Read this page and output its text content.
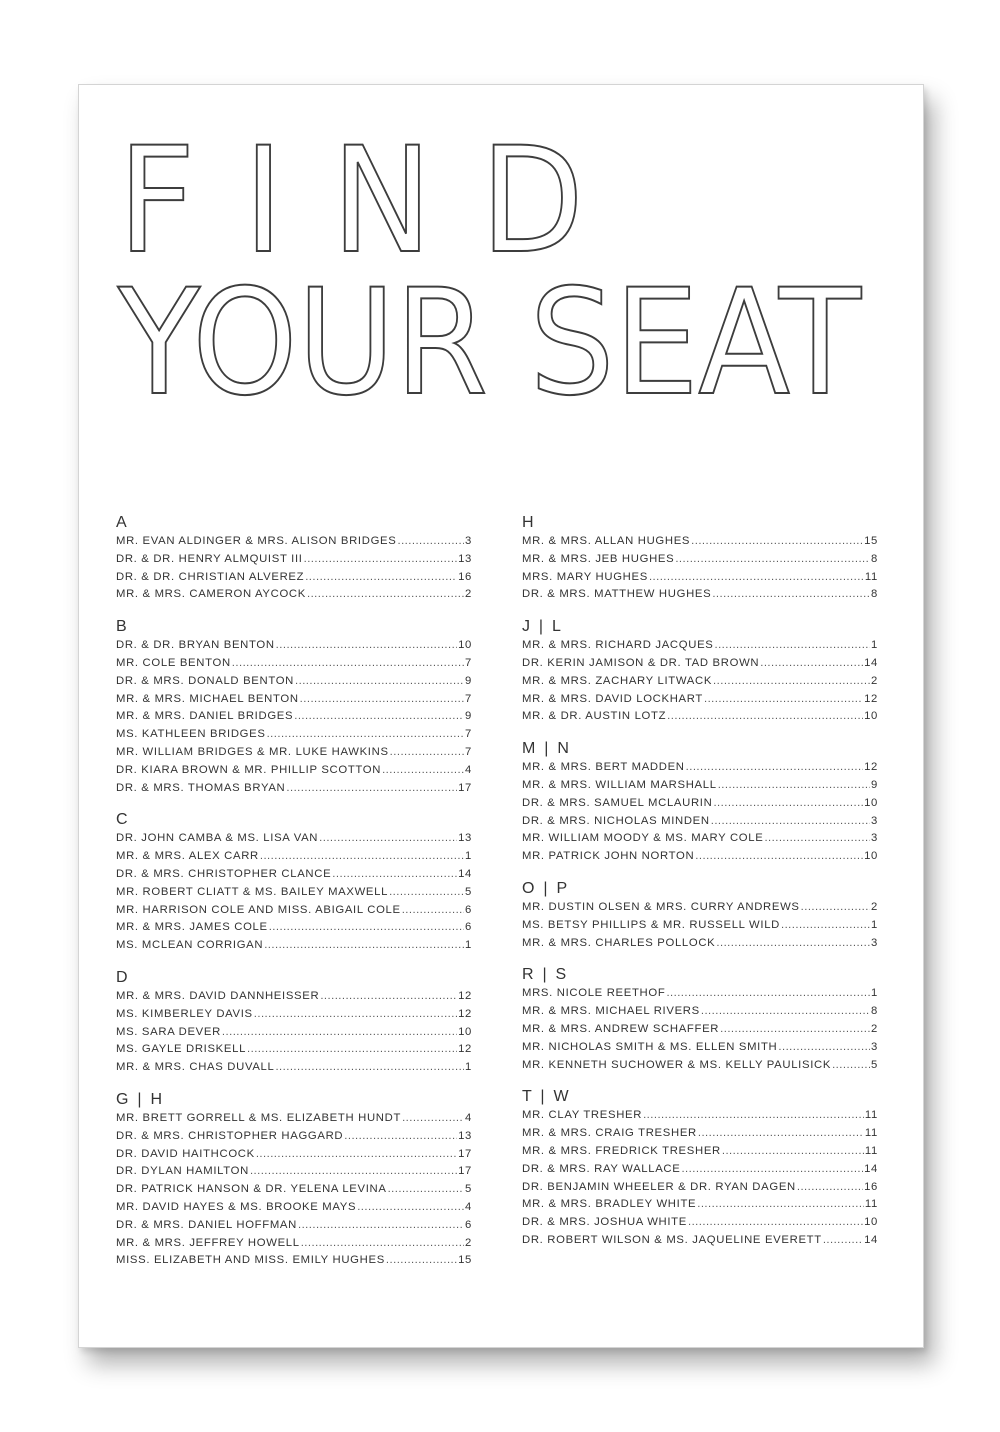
FIND
YOUR SEAT
A
MR. EVAN ALDINGER & MRS. ALISON BRIDGES .....	3
DR. & DR. HENRY ALMQUIST III .....	13
DR. & DR. CHRISTIAN ALVEREZ .....	16
MR. & MRS. CAMERON AYCOCK .....	2
B
DR. & DR. BRYAN BENTON .....	10
MR. COLE BENTON .....	7
DR. & MRS. DONALD BENTON .....	9
MR. & MRS. MICHAEL BENTON .....	7
MR. & MRS. DANIEL BRIDGES .....	9
MS. KATHLEEN BRIDGES .....	7
MR. WILLIAM BRIDGES & MR. LUKE HAWKINS .....	7
DR. KIARA BROWN & MR. PHILLIP SCOTTON .....	4
DR. & MRS. THOMAS BRYAN .....	17
C
DR. JOHN CAMBA & MS. LISA VAN .....	13
MR. & MRS. ALEX CARR .....	1
DR. & MRS. CHRISTOPHER CLANCE .....	14
MR. ROBERT CLIATT & MS. BAILEY MAXWELL .....	5
MR. HARRISON COLE AND MISS. ABIGAIL COLE .....	6
MR. & MRS. JAMES COLE .....	6
MS. MCLEAN CORRIGAN .....	1
D
MR. & MRS. DAVID DANNHEISSER .....	12
MS. KIMBERLEY DAVIS .....	12
MS. SARA DEVER .....	10
MS. GAYLE DRISKELL .....	12
MR. & MRS. CHAS DUVALL .....	1
G | H
MR. BRETT GORRELL & MS. ELIZABETH HUNDT .....	4
DR. & MRS. CHRISTOPHER HAGGARD .....	13
DR. DAVID HAITHCOCK .....	17
DR. DYLAN HAMILTON .....	17
DR. PATRICK HANSON & DR. YELENA LEVINA .....	5
MR. DAVID HAYES & MS. BROOKE MAYS .....	4
DR. & MRS. DANIEL HOFFMAN .....	6
MR. & MRS. JEFFREY HOWELL .....	2
MISS. ELIZABETH AND MISS. EMILY HUGHES .....	15
H
MR. & MRS. ALLAN HUGHES .....	15
MR. & MRS. JEB HUGHES .....	8
MRS. MARY HUGHES .....	11
DR. & MRS. MATTHEW HUGHES .....	8
J | L
MR. & MRS. RICHARD JACQUES .....	1
DR. KERIN JAMISON & DR. TAD BROWN .....	14
MR. & MRS. ZACHARY LITWACK .....	2
MR. & MRS. DAVID LOCKHART .....	12
MR. & DR. AUSTIN LOTZ .....	10
M | N
MR. & MRS. BERT MADDEN .....	12
MR. & MRS. WILLIAM MARSHALL .....	9
DR. & MRS. SAMUEL MCLAURIN .....	10
DR. & MRS. NICHOLAS MINDEN .....	3
MR. WILLIAM MOODY & MS. MARY COLE .....	3
MR. PATRICK JOHN NORTON .....	10
O | P
MR. DUSTIN OLSEN & MRS. CURRY ANDREWS .....	2
MS. BETSY PHILLIPS & MR. RUSSELL WILD .....	1
MR. & MRS. CHARLES POLLOCK .....	3
R | S
MRS. NICOLE REETHOF .....	1
MR. & MRS. MICHAEL RIVERS .....	8
MR. & MRS. ANDREW SCHAFFER .....	2
MR. NICHOLAS SMITH & MS. ELLEN SMITH .....	3
MR. KENNETH SUCHOWER & MS. KELLY PAULISICK .....	5
T | W
MR. CLAY TRESHER .....	11
MR. & MRS. CRAIG TRESHER .....	11
MR. & MRS. FREDRICK TRESHER .....	11
DR. & MRS. RAY WALLACE .....	14
DR. BENJAMIN WHEELER & DR. RYAN DAGEN .....	16
MR. & MRS. BRADLEY WHITE .....	11
DR. & MRS. JOSHUA WHITE .....	10
DR. ROBERT WILSON & MS. JAQUELINE EVERETT .....	14
